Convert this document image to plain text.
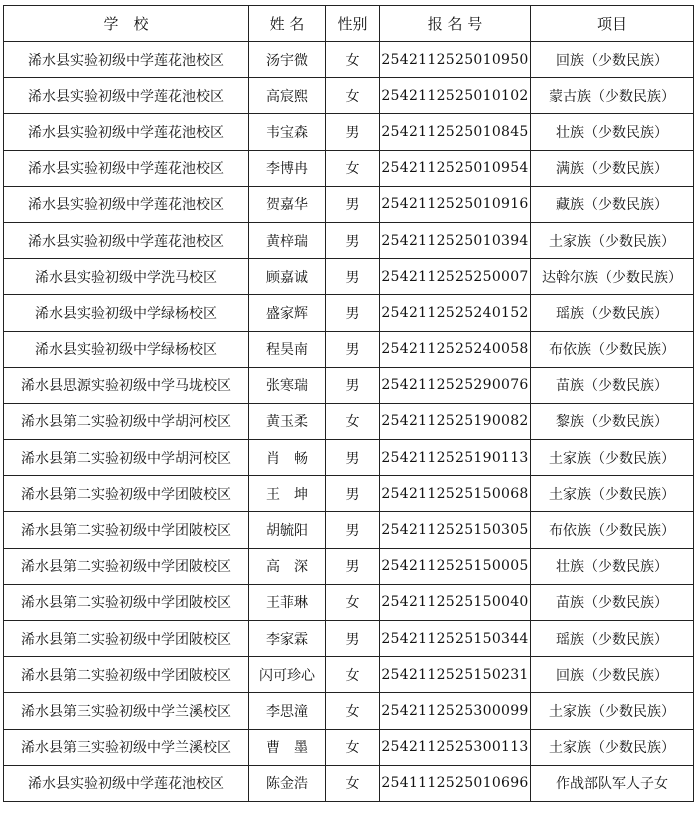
学　校	姓 名	性别	报 名 号	项目
浠水县实验初级中学莲花池校区	汤宇微	女	2542112525010950	回族（少数民族）
浠水县实验初级中学莲花池校区	高宸熙	女	2542112525010102	蒙古族（少数民族）
浠水县实验初级中学莲花池校区	韦宝森	男	2542112525010845	壮族（少数民族）
浠水县实验初级中学莲花池校区	李博冉	女	2542112525010954	满族（少数民族）
浠水县实验初级中学莲花池校区	贺嘉华	男	2542112525010916	藏族（少数民族）
浠水县实验初级中学莲花池校区	黄梓瑞	男	2542112525010394	土家族（少数民族）
浠水县实验初级中学洗马校区	顾嘉诚	男	2542112525250007	达斡尔族（少数民族）
浠水县实验初级中学绿杨校区	盛家辉	男	2542112525240152	瑶族（少数民族）
浠水县实验初级中学绿杨校区	程昊南	男	2542112525240058	布依族（少数民族）
浠水县思源实验初级中学马垅校区	张寒瑞	男	2542112525290076	苗族（少数民族）
浠水县第二实验初级中学胡河校区	黄玉柔	女	2542112525190082	黎族（少数民族）
浠水县第二实验初级中学胡河校区	肖　畅	男	2542112525190113	土家族（少数民族）
浠水县第二实验初级中学团陂校区	王　坤	男	2542112525150068	土家族（少数民族）
浠水县第二实验初级中学团陂校区	胡毓阳	男	2542112525150305	布依族（少数民族）
浠水县第二实验初级中学团陂校区	高　深	男	2542112525150005	壮族（少数民族）
浠水县第二实验初级中学团陂校区	王菲琳	女	2542112525150040	苗族（少数民族）
浠水县第二实验初级中学团陂校区	李家霖	男	2542112525150344	瑶族（少数民族）
浠水县第二实验初级中学团陂校区	闪可珍心	女	2542112525150231	回族（少数民族）
浠水县第三实验初级中学兰溪校区	李思潼	女	2542112525300099	土家族（少数民族）
浠水县第三实验初级中学兰溪校区	曹　墨	女	2542112525300113	土家族（少数民族）
浠水县实验初级中学莲花池校区	陈金浩	女	2541112525010696	作战部队军人子女
